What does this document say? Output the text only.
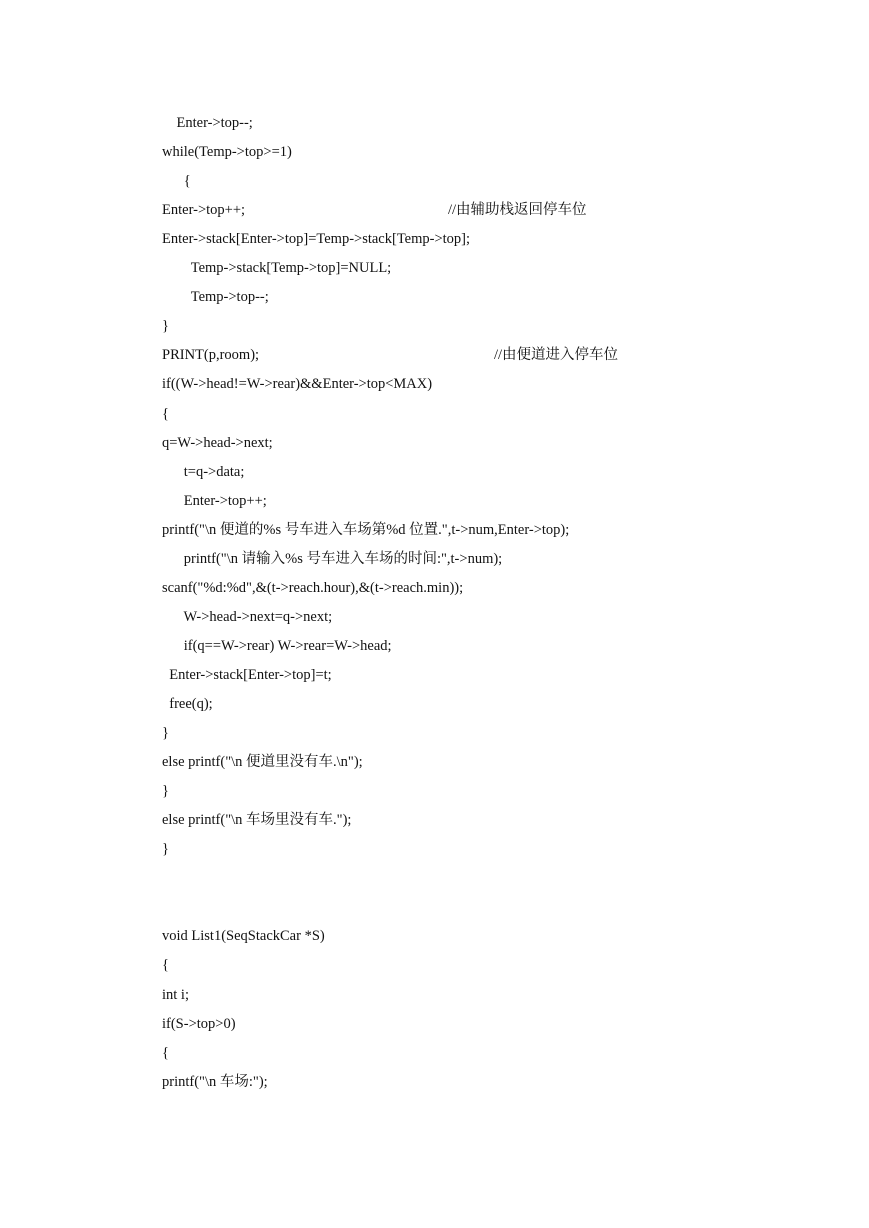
Enter->top--;
while(Temp->top>=1)
{
Enter->top++;	//由辅助栈返回停车位
Enter->stack[Enter->top]=Temp->stack[Temp->top];
Temp->stack[Temp->top]=NULL;
Temp->top--;
}
PRINT(p,room);	//由便道进入停车位
if((W->head!=W->rear)&&Enter->top<MAX)
{
q=W->head->next;
t=q->data;
Enter->top++;
printf("\n 便道的%s 号车进入车场第%d 位置.",t->num,Enter->top);
printf("\n 请输入%s 号车进入车场的时间:",t->num);
scanf("%d:%d",&(t->reach.hour),&(t->reach.min));
W->head->next=q->next;
if(q==W->rear) W->rear=W->head;
Enter->stack[Enter->top]=t;
free(q);
}
else printf("\n 便道里没有车.\n");
}
else printf("\n 车场里没有车.");
}
void List1(SeqStackCar *S)
{
int i;
if(S->top>0)
{
printf("\n 车场:");
